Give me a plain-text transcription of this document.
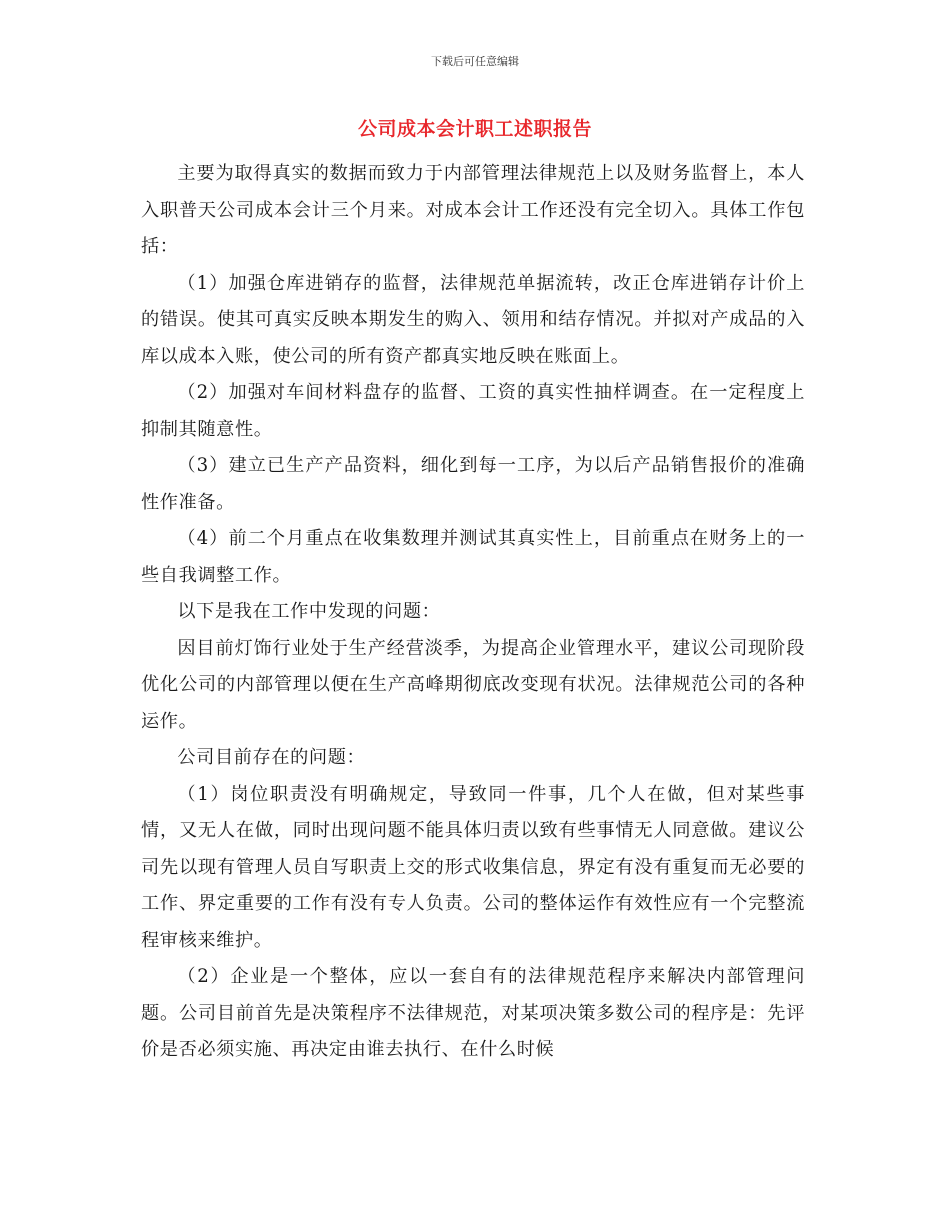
下载后可任意编辑
公司成本会计职工述职报告

主要为取得真实的数据而致力于内部管理法律规范上以及财务监督上，本人入职普天公司成本会计三个月来。对成本会计工作还没有完全切入。具体工作包括：

（1）加强仓库进销存的监督，法律规范单据流转，改正仓库进销存计价上的错误。使其可真实反映本期发生的购入、领用和结存情况。并拟对产成品的入库以成本入账，使公司的所有资产都真实地反映在账面上。

（2）加强对车间材料盘存的监督、工资的真实性抽样调查。在一定程度上抑制其随意性。

（3）建立已生产产品资料，细化到每一工序，为以后产品销售报价的准确性作准备。

（4）前二个月重点在收集数理并测试其真实性上，目前重点在财务上的一些自我调整工作。

以下是我在工作中发现的问题：

因目前灯饰行业处于生产经营淡季，为提高企业管理水平，建议公司现阶段优化公司的内部管理以便在生产高峰期彻底改变现有状况。法律规范公司的各种运作。

公司目前存在的问题：

（1）岗位职责没有明确规定，导致同一件事，几个人在做，但对某些事情，又无人在做，同时出现问题不能具体归责以致有些事情无人同意做。建议公司先以现有管理人员自写职责上交的形式收集信息，界定有没有重复而无必要的工作、界定重要的工作有没有专人负责。公司的整体运作有效性应有一个完整流程审核来维护。

（2）企业是一个整体，应以一套自有的法律规范程序来解决内部管理问题。公司目前首先是决策程序不法律规范，对某项决策多数公司的程序是：先评价是否必须实施、再决定由谁去执行、在什么时候
